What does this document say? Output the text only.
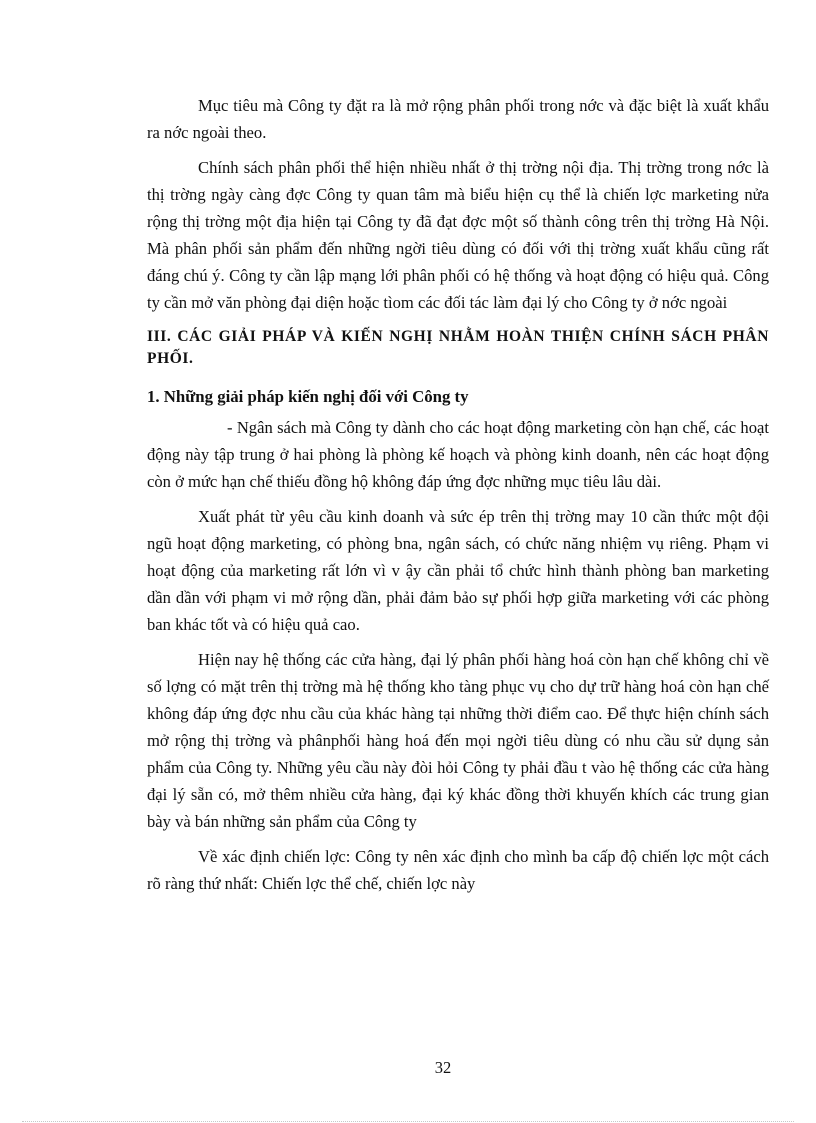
Mục tiêu mà Công ty đặt ra là mở rộng phân phối trong nớc và đặc biệt là xuất khẩu ra nớc ngoài theo.

Chính sách phân phối thể hiện nhiều nhất ở thị trờng nội địa. Thị trờng trong nớc là thị trờng ngày càng đợc Công ty quan tâm mà biểu hiện cụ thể là chiến lợc marketing nửa rộng thị trờng một địa hiện tại Công ty đã đạt đợc một số thành công trên thị trờng Hà Nội. Mà phân phối sản phẩm đến những ngời tiêu dùng có đối với thị trờng xuất khẩu cũng rất đáng chú ý. Công ty cần lập mạng lới phân phối có hệ thống và hoạt động có hiệu quả. Công ty cần mở văn phòng đại diện hoặc tìom các đối tác làm đại lý cho Công ty ở nớc ngoài

III. CÁC GIẢI PHÁP VÀ KIẾN NGHỊ NHẰM HOÀN THIỆN CHÍNH SÁCH PHÂN PHỐI.

1. Những giải pháp kiến nghị đối với Công ty

- Ngân sách mà Công ty dành cho các hoạt động marketing còn hạn chế, các hoạt động này tập trung ở hai phòng là phòng kế hoạch và phòng kinh doanh, nên các hoạt động còn ở mức hạn chế thiếu đồng hộ không đáp ứng đợc những mục tiêu lâu dài.

Xuất phát từ yêu cầu kinh doanh và sức ép trên thị trờng may 10 cần thức một đội ngũ hoạt động marketing, có phòng bna, ngân sách, có chức năng nhiệm vụ riêng. Phạm vi hoạt động của marketing rất lớn vì v ậy cần phải tổ chức hình thành phòng ban marketing dần dần với phạm vi mở rộng dần, phải đảm bảo sự phối hợp giữa marketing với các phòng ban khác tốt và có hiệu quả cao.

Hiện nay hệ thống các cửa hàng, đại lý phân phối hàng hoá còn hạn chế không chỉ về số lợng có mặt trên thị trờng mà hệ thống kho tàng phục vụ cho dự trữ hàng hoá còn hạn chế không đáp ứng đợc nhu cầu của khác hàng tại những thời điểm cao. Để thực hiện chính sách mở rộng thị trờng và phânphối hàng hoá đến mọi ngời tiêu dùng có nhu cầu sử dụng sản phẩm của Công ty. Những yêu cầu này đòi hỏi Công ty phải đầu t vào hệ thống các cửa hàng đại lý sẵn có, mở thêm nhiều cửa hàng, đại ký khác đồng thời khuyến khích các trung gian bày và bán những sản phẩm của Công ty

Về xác định chiến lợc: Công ty nên xác định cho mình ba cấp độ chiến lợc một cách rõ ràng thứ nhất: Chiến lợc thể chế, chiến lợc này

32
